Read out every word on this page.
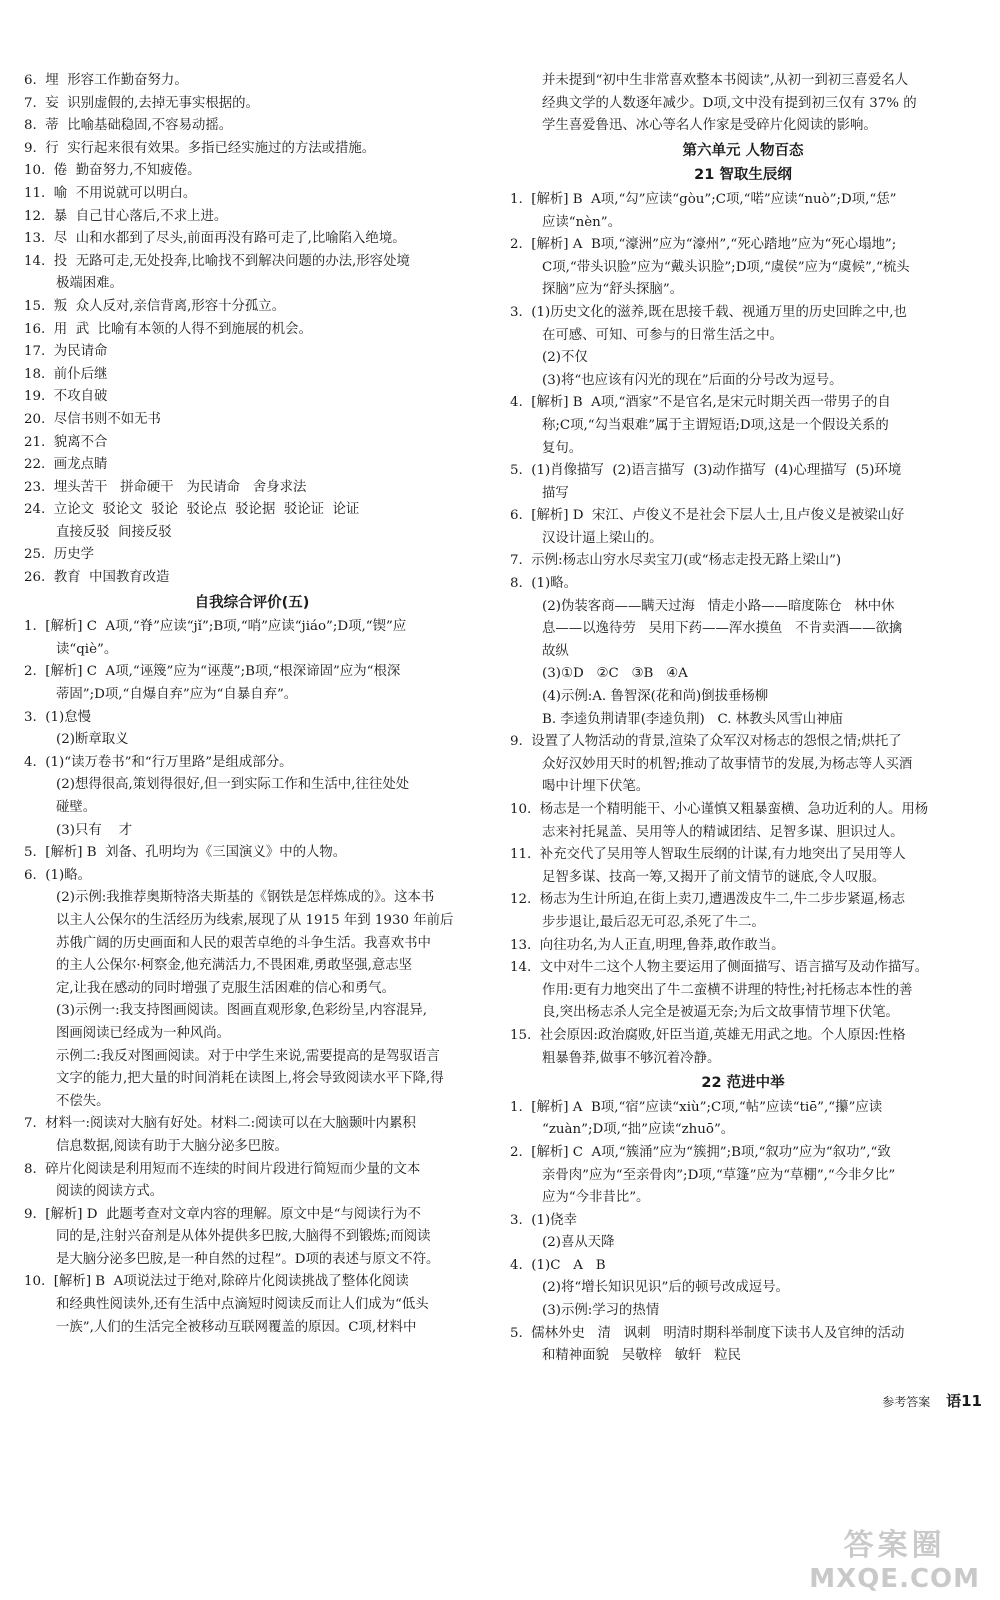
6.  埋  形容工作勤奋努力。
7.  妄  识别虚假的,去掉无事实根据的。
8.  蒂  比喻基础稳固,不容易动摇。
9.  行  实行起来很有效果。多指已经实施过的方法或措施。
10.  倦  勤奋努力,不知疲倦。
11.  喻  不用说就可以明白。
12.  暴  自己甘心落后,不求上进。
13.  尽  山和水都到了尽头,前面再没有路可走了,比喻陷入绝境。
14.  投  无路可走,无处投奔,比喻找不到解决问题的办法,形容处境
极端困难。
15.  叛  众人反对,亲信背离,形容十分孤立。
16.  用  武  比喻有本领的人得不到施展的机会。
17.  为民请命
18.  前仆后继
19.  不攻自破
20.  尽信书则不如无书
21.  貌离不合
22.  画龙点睛
23.  埋头苦干   拼命硬干   为民请命   舍身求法
24.  立论文  驳论文  驳论  驳论点  驳论据  驳论证  论证
直接反驳  间接反驳
25.  历史学
26.  教育  中国教育改造
自我综合评价(五)
1.  [解析] C  A项,“脊”应读“jǐ”;B项,“哨”应读“jiáo”;D项,“锲”应
读“qiè”。
2.  [解析] C  A项,“诬篾”应为“诬蔑”;B项,“根深谛固”应为“根深
蒂固”;D项,“自爆自弃”应为“自暴自弃”。
3.  (1)怠慢
(2)断章取义
4.  (1)“读万卷书”和“行万里路”是组成部分。
(2)想得很高,策划得很好,但一到实际工作和生活中,往往处处
碰壁。
(3)只有    才
5.  [解析] B  刘备、孔明均为《三国演义》中的人物。
6.  (1)略。
(2)示例:我推荐奥斯特洛夫斯基的《钢铁是怎样炼成的》。这本书
以主人公保尔的生活经历为线索,展现了从 1915 年到 1930 年前后
苏俄广阔的历史画面和人民的艰苦卓绝的斗争生活。我喜欢书中
的主人公保尔·柯察金,他充满活力,不畏困难,勇敢坚强,意志坚
定,让我在感动的同时增强了克服生活困难的信心和勇气。
(3)示例一:我支持图画阅读。图画直观形象,色彩纷呈,内容混异,
图画阅读已经成为一种风尚。
示例二:我反对图画阅读。对于中学生来说,需要提高的是驾驭语言
文字的能力,把大量的时间消耗在读图上,将会导致阅读水平下降,得
不偿失。
7.  材料一:阅读对大脑有好处。材料二:阅读可以在大脑颞叶内累积
信息数据,阅读有助于大脑分泌多巴胺。
8.  碎片化阅读是利用短而不连续的时间片段进行简短而少量的文本
阅读的阅读方式。
9.  [解析] D  此题考查对文章内容的理解。原文中是“与阅读行为不
同的是,注射兴奋剂是从体外提供多巴胺,大脑得不到锻炼;而阅读
是大脑分泌多巴胺,是一种自然的过程”。D项的表述与原文不符。
10.  [解析] B  A项说法过于绝对,除碎片化阅读挑战了整体化阅读
和经典性阅读外,还有生活中点滴短时阅读反而让人们成为“低头
一族”,人们的生活完全被移动互联网覆盖的原因。C项,材料中
并未提到“初中生非常喜欢整本书阅读”,从初一到初三喜爱名人
经典文学的人数逐年减少。D项,文中没有提到初三仅有 37% 的
学生喜爱鲁迅、冰心等名人作家是受碎片化阅读的影响。
第六单元 人物百态
21 智取生辰纲
1.  [解析] B  A项,“勾”应读“gòu”;C项,“喏”应读“nuò”;D项,“恁”
应读“nèn”。
2.  [解析] A  B项,“濠洲”应为“濠州”,“死心踏地”应为“死心塌地”;
C项,“带头识脸”应为“戴头识脸”;D项,“虞侯”应为“虞候”,“梳头
探脑”应为“舒头探脑”。
3.  (1)历史文化的滋养,既在思接千载、视通万里的历史回眸之中,也
在可感、可知、可参与的日常生活之中。
(2)不仅
(3)将“也应该有闪光的现在”后面的分号改为逗号。
4.  [解析] B  A项,“酒家”不是官名,是宋元时期关西一带男子的自
称;C项,“勾当艰难”属于主谓短语;D项,这是一个假设关系的
复句。
5.  (1)肖像描写  (2)语言描写  (3)动作描写  (4)心理描写  (5)环境
描写
6.  [解析] D  宋江、卢俊义不是社会下层人士,且卢俊义是被梁山好
汉设计逼上梁山的。
7.  示例:杨志山穷水尽卖宝刀(或“杨志走投无路上梁山”)
8.  (1)略。
(2)伪装客商——瞒天过海   情走小路——暗度陈仓   林中休
息——以逸待劳   吴用下药——浑水摸鱼   不肯卖酒——欲擒
故纵
(3)①D   ②C   ③B   ④A
(4)示例:A. 鲁智深(花和尚)倒拔垂杨柳
B. 李逵负荆请罪(李逵负荆)   C. 林教头风雪山神庙
9.  设置了人物活动的背景,渲染了众军汉对杨志的怨恨之情;烘托了
众好汉妙用天时的机智;推动了故事情节的发展,为杨志等人买酒
喝中计埋下伏笔。
10.  杨志是一个精明能干、小心谨慎又粗暴蛮横、急功近利的人。用杨
志来衬托晁盖、吴用等人的精诚团结、足智多谋、胆识过人。
11.  补充交代了吴用等人智取生辰纲的计谋,有力地突出了吴用等人
足智多谋、技高一筹,又揭开了前文情节的谜底,令人叹服。
12.  杨志为生计所迫,在街上卖刀,遭遇泼皮牛二,牛二步步紧逼,杨志
步步退让,最后忍无可忍,杀死了牛二。
13.  向往功名,为人正直,明理,鲁莽,敢作敢当。
14.  文中对牛二这个人物主要运用了侧面描写、语言描写及动作描写。
作用:更有力地突出了牛二蛮横不讲理的特性;衬托杨志本性的善
良,突出杨志杀人完全是被逼无奈;为后文故事情节埋下伏笔。
15.  社会原因:政治腐败,奸臣当道,英雄无用武之地。个人原因:性格
粗暴鲁莽,做事不够沉着冷静。
22 范进中举
1.  [解析] A  B项,“宿”应读“xiù”;C项,“帖”应读“tiē”,“攥”应读
“zuàn”;D项,“拙”应读“zhuō”。
2.  [解析] C  A项,“簇涌”应为“簇拥”;B项,“叙功”应为“叙功”,“致
亲骨肉”应为“至亲骨肉”;D项,“草篷”应为“草棚”,“今非夕比”
应为“今非昔比”。
3.  (1)侥幸
(2)喜从天降
4.  (1)C   A   B
(2)将“增长知识见识”后的顿号改成逗号。
(3)示例:学习的热情
5.  儒林外史   清   讽刺   明清时期科举制度下读书人及官绅的活动
和精神面貌   吴敬梓   敏轩   粒民
参考答案 语11
答案圈
MXQE.COM
